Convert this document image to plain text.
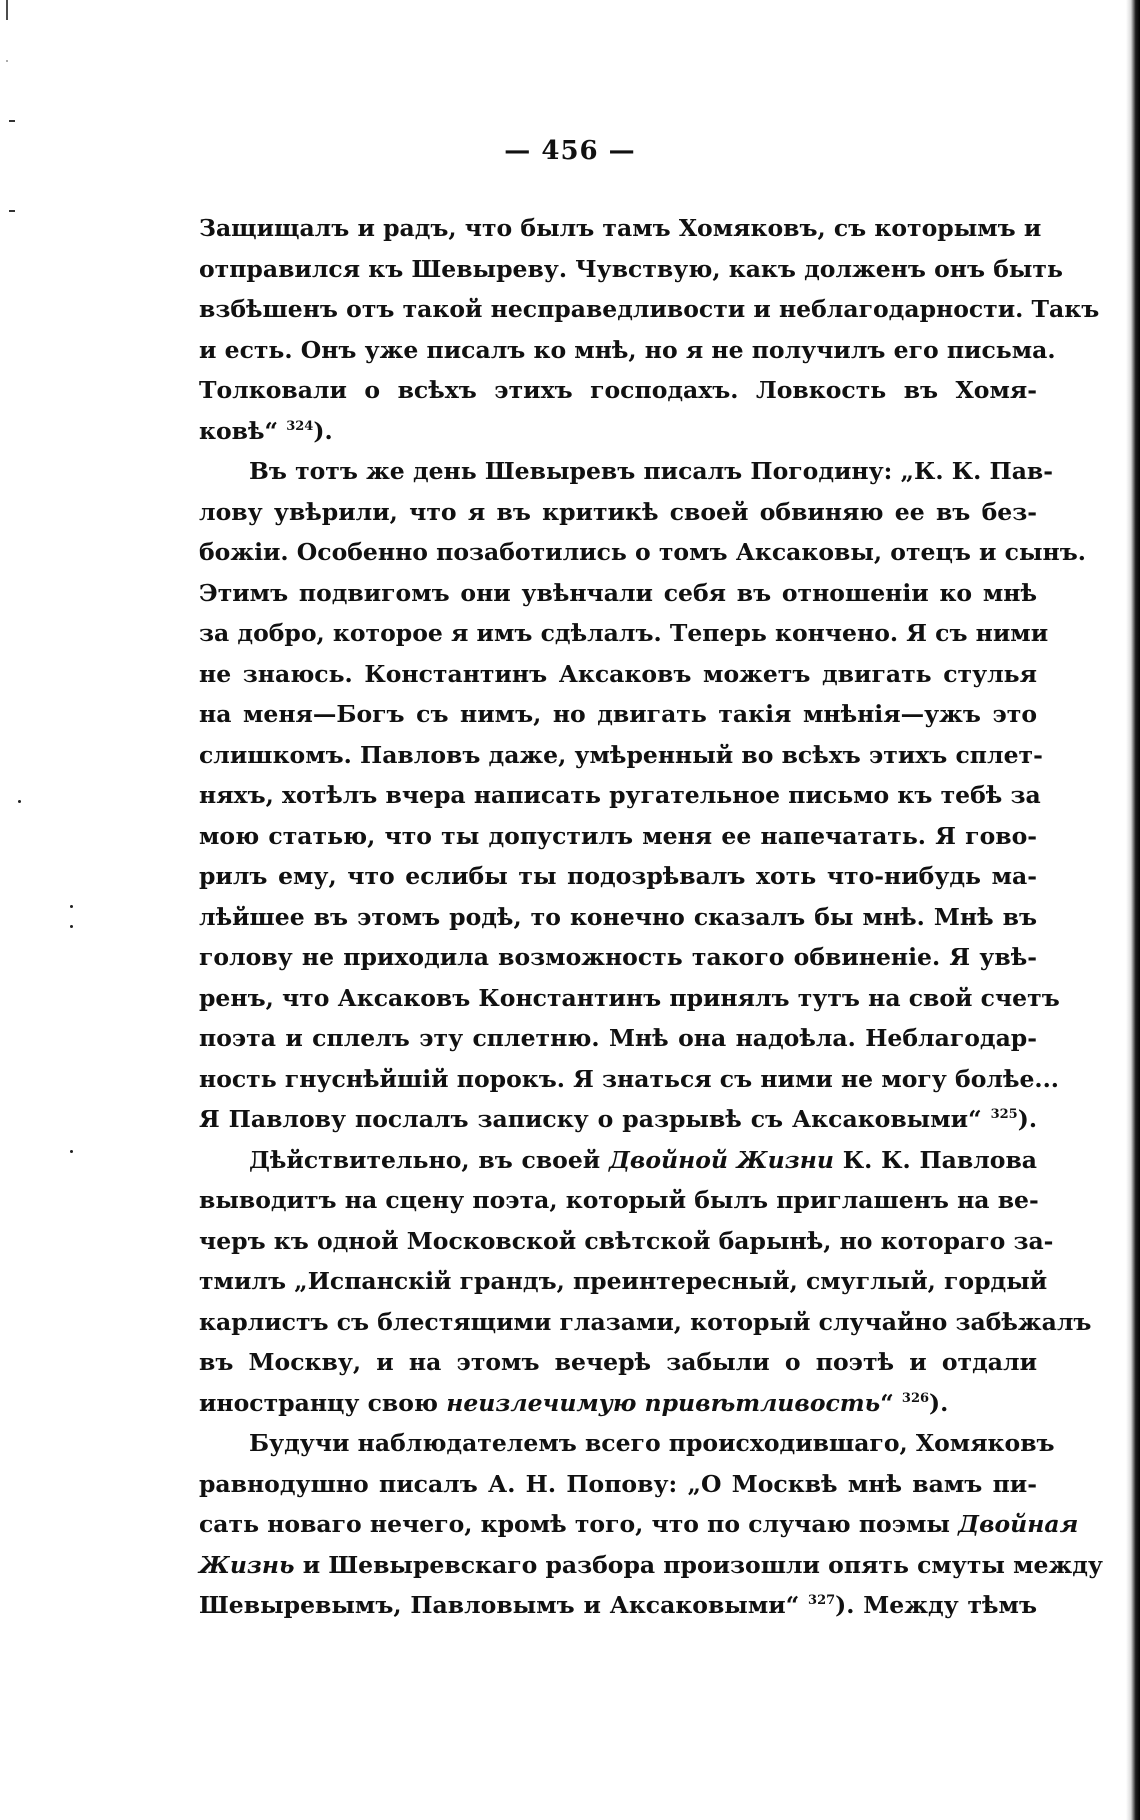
— 456 —
Защищалъ и радъ, что былъ тамъ Хомяковъ, съ которымъ и
отправился къ Шевыреву. Чувствую, какъ долженъ онъ быть
взбѣшенъ отъ такой несправедливости и неблагодарности. Такъ
и есть. Онъ уже писалъ ко мнѣ, но я не получилъ его письма.
Толковали о всѣхъ этихъ господахъ. Ловкость въ Хомя-
ковѣ“ $^{324}$).
Въ тотъ же день Шевыревъ писалъ Погодину: „К. К. Пав-
лову увѣрили, что я въ критикѣ своей обвиняю ее въ без-
божіи. Особенно позаботились о томъ Аксаковы, отецъ и сынъ.
Этимъ подвигомъ они увѣнчали себя въ отношеніи ко мнѣ
за добро, которое я имъ сдѣлалъ. Теперь кончено. Я съ ними
не знаюсь. Константинъ Аксаковъ можетъ двигать стулья
на меня—Богъ съ нимъ, но двигать такія мнѣнія—ужъ это
слишкомъ. Павловъ даже, умѣренный во всѣхъ этихъ сплет-
няхъ, хотѣлъ вчера написать ругательное письмо къ тебѣ за
мою статью, что ты допустилъ меня ее напечатать. Я гово-
рилъ ему, что еслибы ты подозрѣвалъ хоть что-нибудь ма-
лѣйшее въ этомъ родѣ, то конечно сказалъ бы мнѣ. Мнѣ въ
голову не приходила возможность такого обвиненіе. Я увѣ-
ренъ, что Аксаковъ Константинъ принялъ тутъ на свой счетъ
поэта и сплелъ эту сплетню. Мнѣ она надоѣла. Неблагодар-
ность гнуснѣйшій порокъ. Я знаться съ ними не могу болѣе...
Я Павлову послалъ записку о разрывѣ съ Аксаковыми“ $^{325}$).
Дѣйствительно, въ своей Двойной Жизни К. К. Павлова
выводитъ на сцену поэта, который былъ приглашенъ на ве-
черъ къ одной Московской свѣтской барынѣ, но котораго за-
тмилъ „Испанскій грандъ, преинтересный, смуглый, гордый
карлистъ съ блестящими глазами, который случайно забѣжалъ
въ Москву, и на этомъ вечерѣ забыли о поэтѣ и отдали
иностранцу свою неизлечимую привѣтливость“ $^{326}$).
Будучи наблюдателемъ всего происходившаго, Хомяковъ
равнодушно писалъ А. Н. Попову: „О Москвѣ мнѣ вамъ пи-
сать новаго нечего, кромѣ того, что по случаю поэмы Двойная
Жизнь и Шевыревскаго разбора произошли опять смуты между
Шевыревымъ, Павловымъ и Аксаковыми“ $^{327}$). Между тѣмъ
